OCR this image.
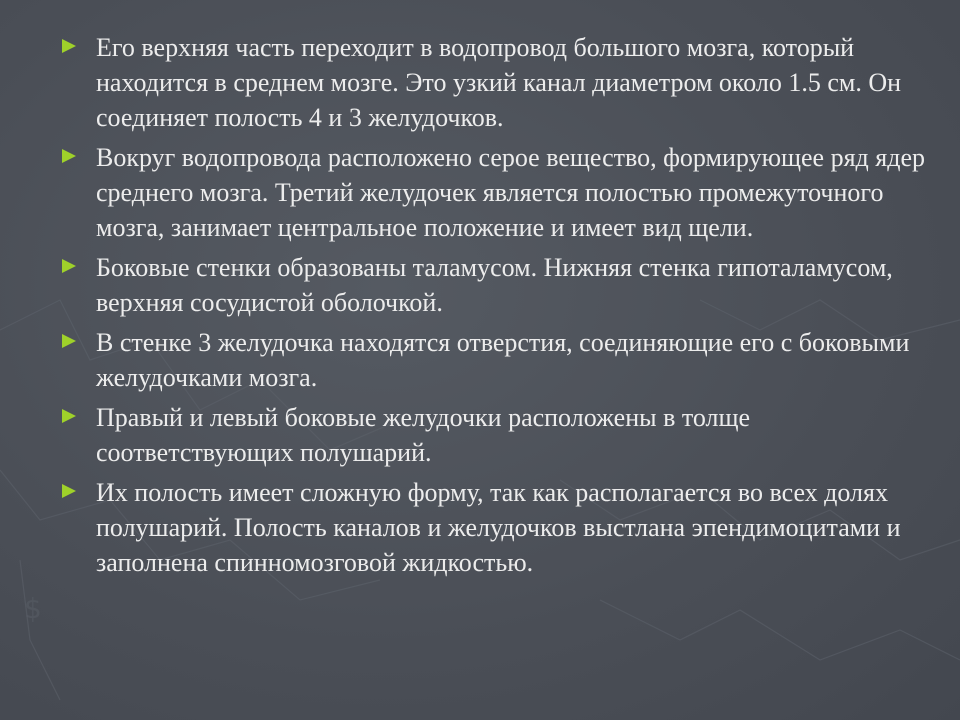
$
Его верхняя часть переходит в водопровод большого мозга, который находится в среднем мозге. Это узкий канал диаметром около 1.5 см. Он соединяет полость 4 и 3 желудочков.
Вокруг водопровода расположено серое вещество, формирующее ряд ядер среднего мозга. Третий желудочек является полостью промежуточного мозга, занимает центральное положение и имеет вид щели.
Боковые стенки образованы таламусом. Нижняя стенка гипоталамусом, верхняя сосудистой оболочкой.
В стенке 3 желудочка находятся отверстия, соединяющие его с боковыми желудочками мозга.
Правый и левый боковые желудочки расположены в толще соответствующих полушарий.
Их полость имеет сложную форму, так как располагается во всех долях полушарий. Полость каналов и желудочков выстлана эпендимоцитами и заполнена спинномозговой жидкостью.
